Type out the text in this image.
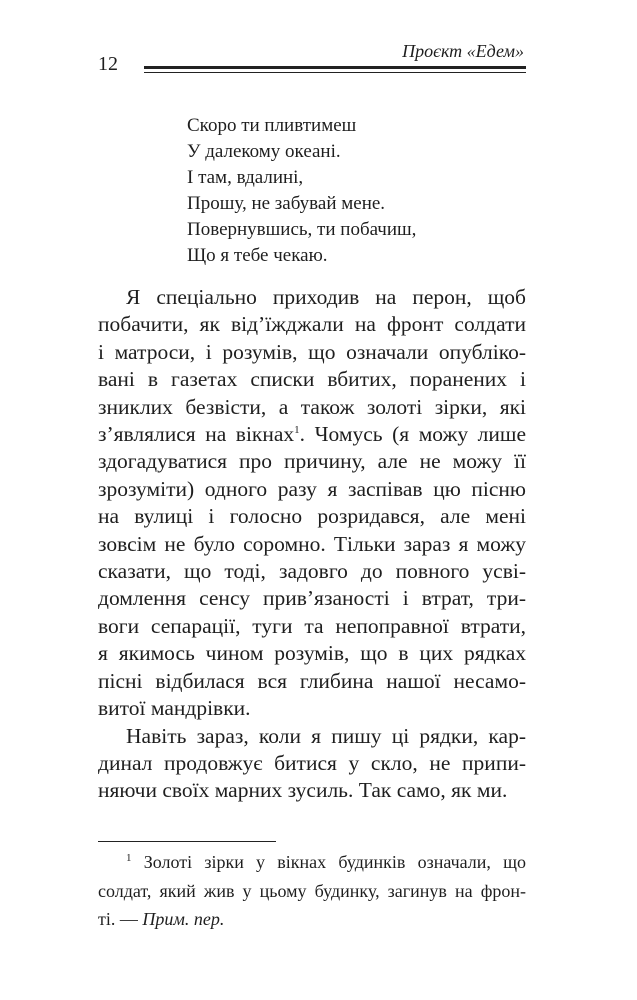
12
Проєкт «Едем»
Скоро ти пливтимеш
У далекому океані.
І там, вдалині,
Прошу, не забувай мене.
Повернувшись, ти побачиш,
Що я тебе чекаю.
Я спеціально приходив на перон, щоб
побачити, як від’їжджали на фронт солдати
і матроси, і розумів, що означали опубліко-
вані в газетах списки вбитих, поранених і
зниклих безвісти, а також золоті зірки, які
з’являлися на вікнах$^1$. Чомусь (я можу лише
здогадуватися про причину, але не можу її
зрозуміти) одного разу я заспівав цю пісню
на вулиці і голосно розридався, але мені
зовсім не було соромно. Тільки зараз я можу
сказати, що тоді, задовго до повного усві-
домлення сенсу прив’язаності і втрат, три-
воги сепарації, туги та непоправної втрати,
я якимось чином розумів, що в цих рядках
пісні відбилася вся глибина нашої несамо-
витої мандрівки.
Навіть зараз, коли я пишу ці рядки, кар-
динал продовжує битися у скло, не припи-
няючи своїх марних зусиль. Так само, як ми.
$^1$ Золоті зірки у вікнах будинків означали, що
солдат, який жив у цьому будинку, загинув на фрон-
ті. — Прим. пер.
